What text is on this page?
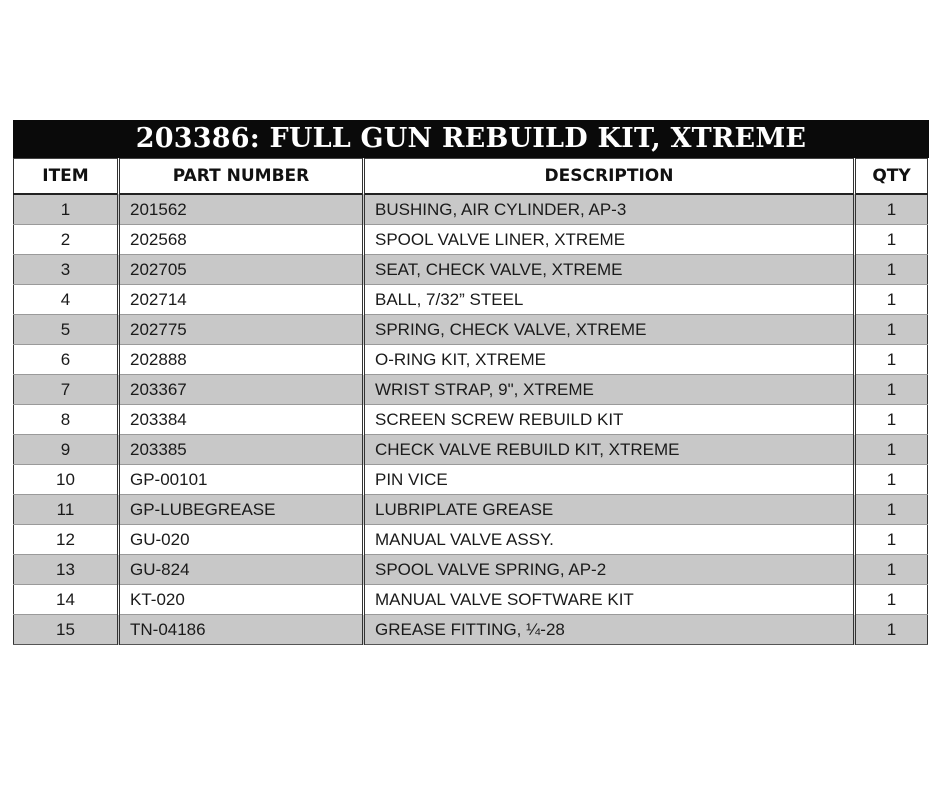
203386: FULL GUN REBUILD KIT, XTREME
ITEM	PART NUMBER	DESCRIPTION	QTY
1	201562	BUSHING, AIR CYLINDER, AP-3	1
2	202568	SPOOL VALVE LINER, XTREME	1
3	202705	SEAT, CHECK VALVE, XTREME	1
4	202714	BALL, 7/32” STEEL	1
5	202775	SPRING, CHECK VALVE, XTREME	1
6	202888	O-RING KIT, XTREME	1
7	203367	WRIST STRAP, 9", XTREME	1
8	203384	SCREEN SCREW REBUILD KIT	1
9	203385	CHECK VALVE REBUILD KIT, XTREME	1
10	GP-00101	PIN VICE	1
11	GP-LUBEGREASE	LUBRIPLATE GREASE	1
12	GU-020	MANUAL VALVE ASSY.	1
13	GU-824	SPOOL VALVE SPRING, AP-2	1
14	KT-020	MANUAL VALVE SOFTWARE KIT	1
15	TN-04186	GREASE FITTING, ¼-28	1
